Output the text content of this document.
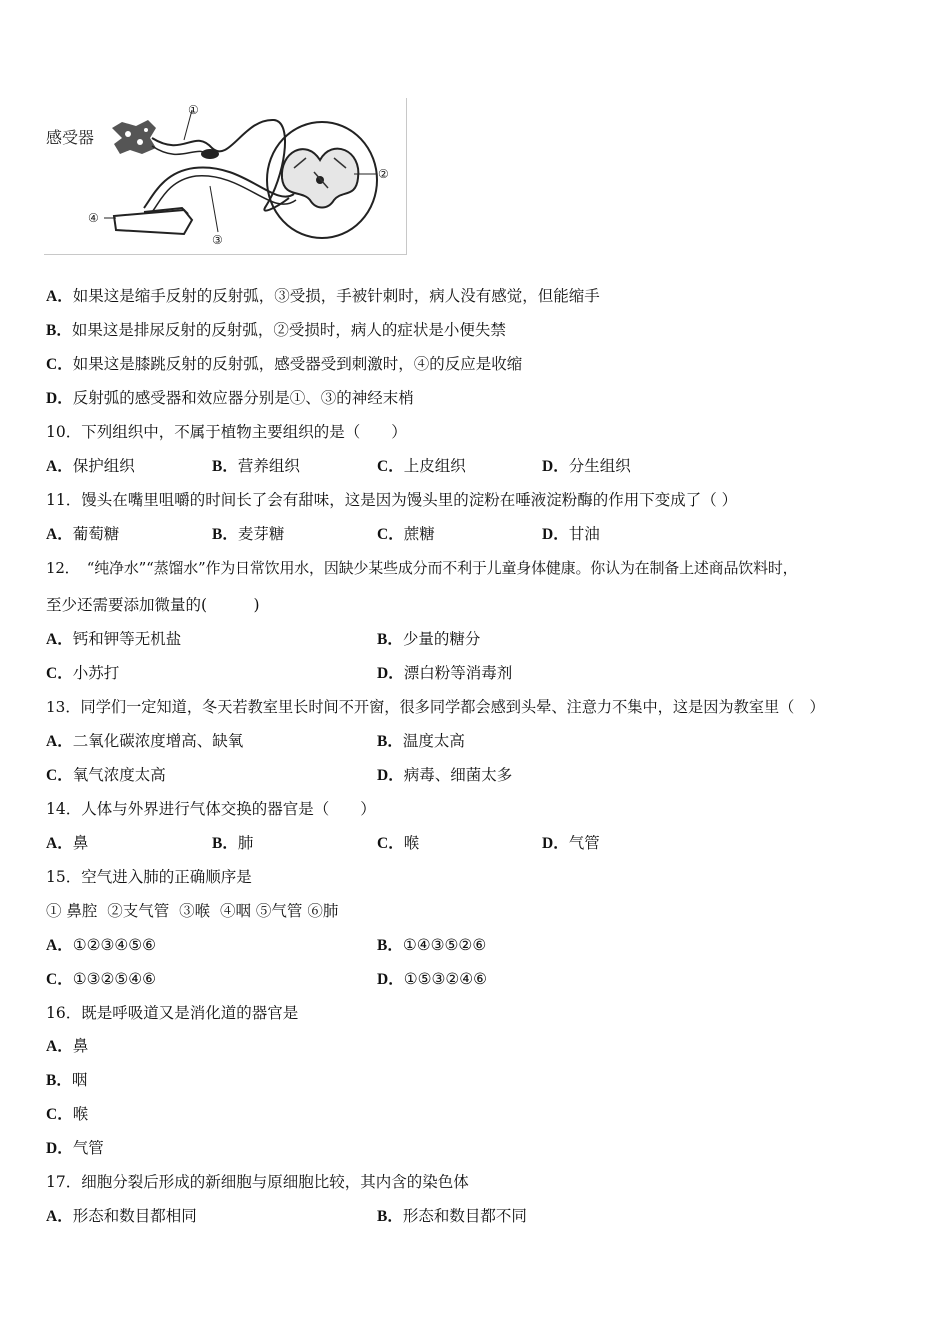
感受器
①
②
③
④
A．如果这是缩手反射的反射弧，③受损，手被针刺时，病人没有感觉，但能缩手
B．如果这是排尿反射的反射弧，②受损时，病人的症状是小便失禁
C．如果这是膝跳反射的反射弧，感受器受到刺激时，④的反应是收缩
D．反射弧的感受器和效应器分别是①、③的神经末梢
10．下列组织中，不属于植物主要组织的是（　　）
A．保护组织	B．营养组织	C．上皮组织	D．分生组织
11．馒头在嘴里咀嚼的时间长了会有甜味，这是因为馒头里的淀粉在唾液淀粉酶的作用下变成了（ ）
A．葡萄糖	B．麦芽糖	C．蔗糖	D．甘油
12．　“纯净水”“蒸馏水”作为日常饮用水，因缺少某些成分而不利于儿童身体健康。你认为在制备上述商品饮料时，
至少还需要添加微量的(　　　)
A．钙和钾等无机盐	B．少量的糖分
C．小苏打	D．漂白粉等消毒剂
13．同学们一定知道，冬天若教室里长时间不开窗，很多同学都会感到头晕、注意力不集中，这是因为教室里（　）
A．二氧化碳浓度增高、缺氧	B．温度太高
C．氧气浓度太高	D．病毒、细菌太多
14．人体与外界进行气体交换的器官是（　　）
A．鼻	B．肺	C．喉	D．气管
15．空气进入肺的正确顺序是
① 鼻腔  ②支气管  ③喉  ④咽 ⑤气管 ⑥肺
A．①②③④⑤⑥	B．①④③⑤②⑥
C．①③②⑤④⑥	D．①⑤③②④⑥
16．既是呼吸道又是消化道的器官是
A．鼻
B．咽
C．喉
D．气管
17．细胞分裂后形成的新细胞与原细胞比较，其内含的染色体
A．形态和数目都相同	B．形态和数目都不同
